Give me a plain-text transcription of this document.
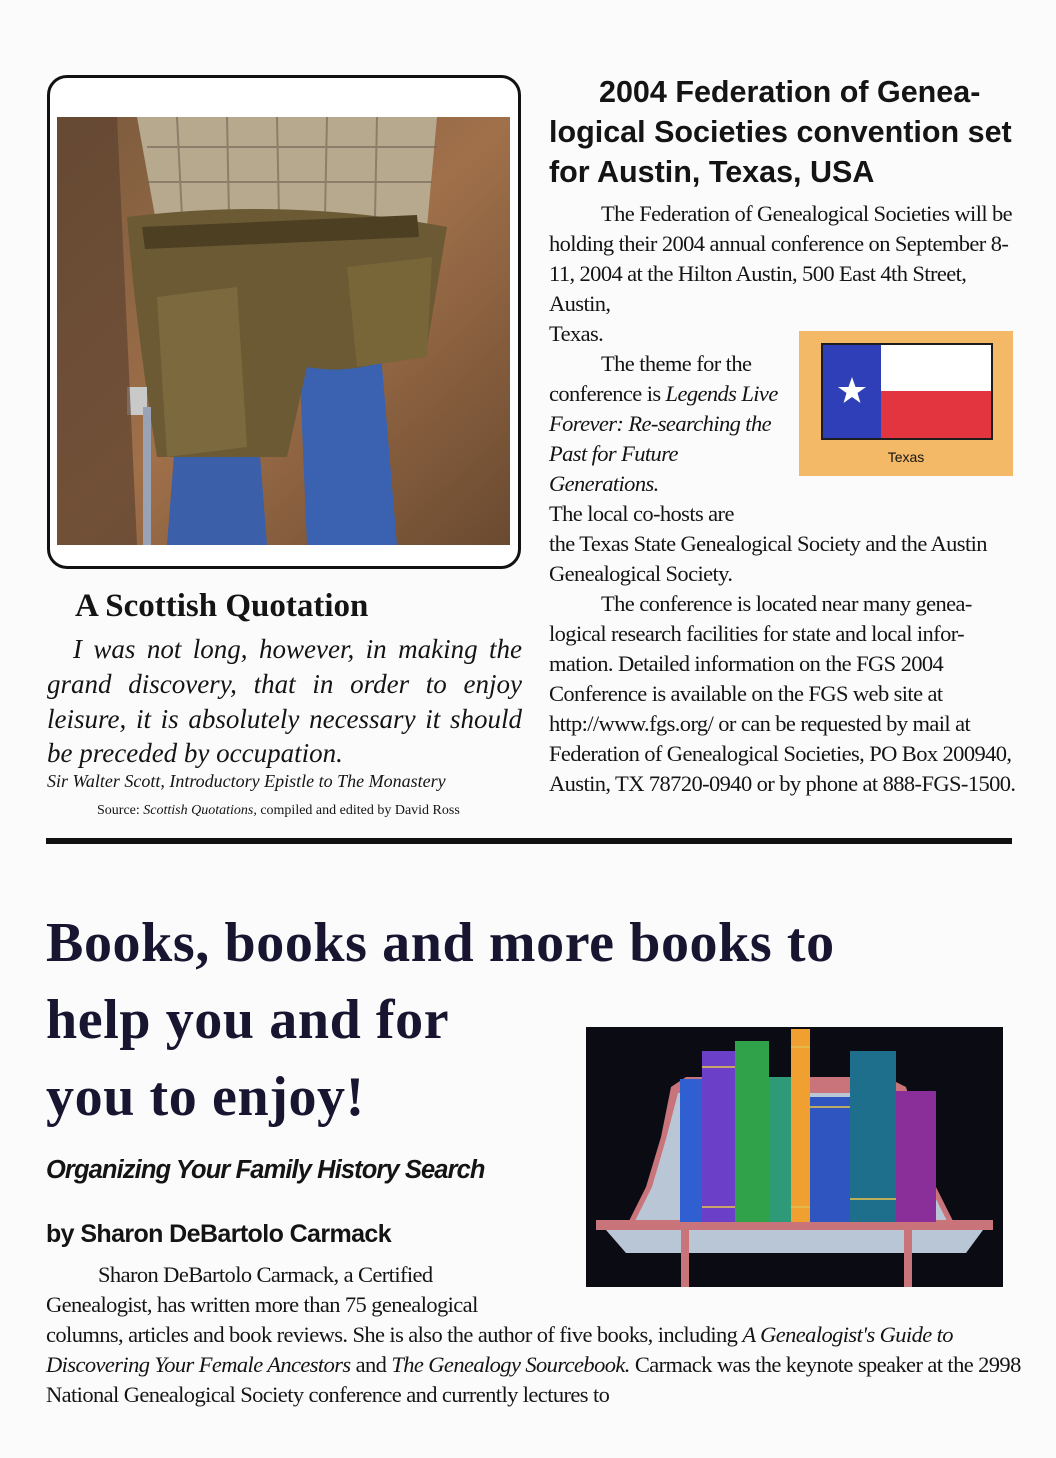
A Scottish Quotation

I was not long, however, in making the grand discovery, that in order to enjoy leisure, it is absolutely necessary it should be preceded by occupation.

Sir Walter Scott, Introductory Epistle to The Monastery
Source: Scottish Quotations, compiled and edited by David Ross
2004 Federation of Genea-
logical Societies convention set for Austin, Texas, USA

The Federation of Genealogical Societies will be holding their 2004 annual conference on September 8-11, 2004 at the Hilton Austin, 500 East 4th Street, Austin,
Texas.

The theme for the
conference is Legends Live Forever: Re-searching the Past for Future Generations.
The local co-hosts are

the Texas State Genealogical Society and the Austin Genealogical Society.

The conference is located near many genea- logical research facilities for state and local infor-mation. Detailed information on the FGS 2004 Conference is available on the FGS web site at http://www.fgs.org/ or can be requested by mail at Federation of Genealogical Societies, PO Box 200940, Austin, TX 78720-0940 or by phone at 888-FGS-1500.

Texas
Books, books and more books to
help you and for
you to enjoy!
Organizing Your Family History Search
by Sharon DeBartolo Carmack

Sharon DeBartolo Carmack, a Certified
Genealogist, has written more than 75 genealogical

columns, articles and book reviews. She is also the author of five books, including A Genealogist's Guide to Discovering Your Female Ancestors and The Genealogy Sourcebook. Carmack was the keynote speaker at the 2998 National Genealogical Society conference and currently lectures to
